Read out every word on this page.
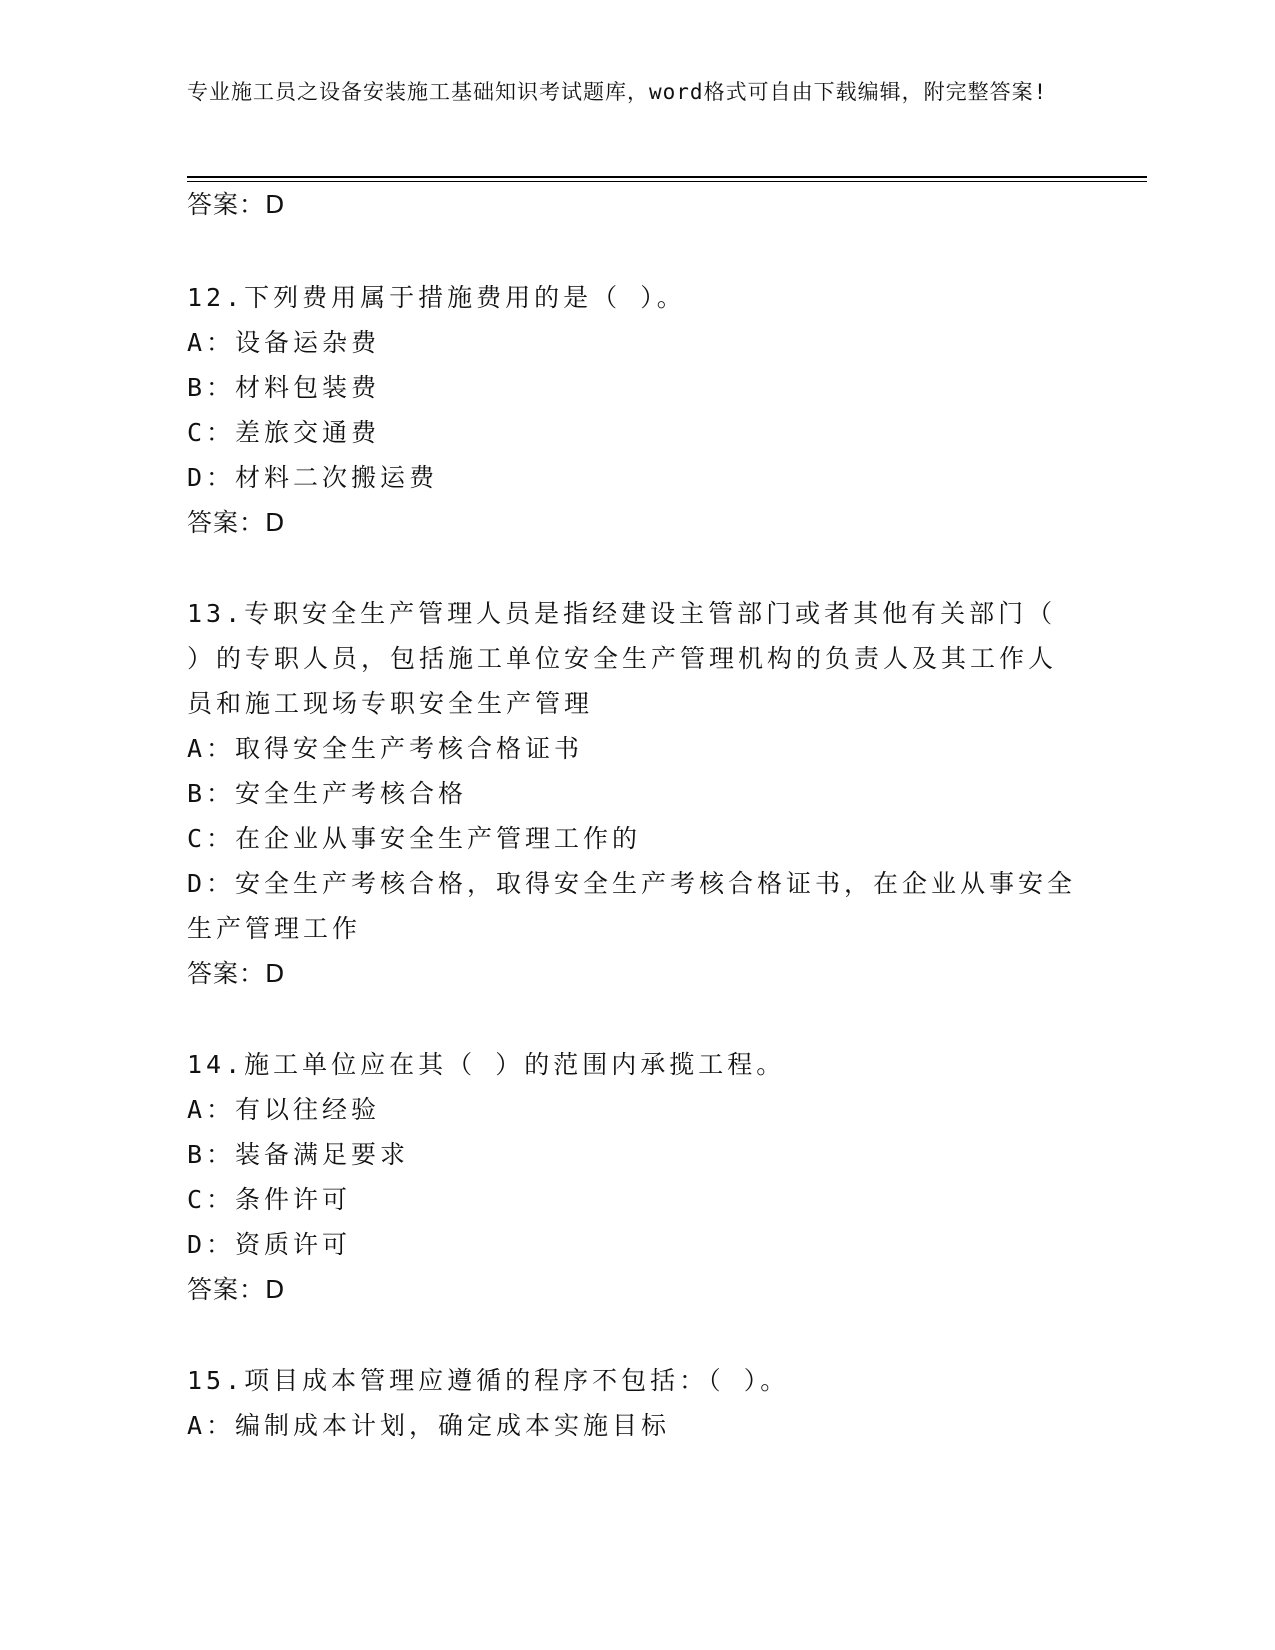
专业施工员之设备安装施工基础知识考试题库，word格式可自由下载编辑，附完整答案!
答案：D
12.下列费用属于措施费用的是（ ）。
A：设备运杂费
B：材料包装费
C：差旅交通费
D：材料二次搬运费
答案：D
13.专职安全生产管理人员是指经建设主管部门或者其他有关部门（
）的专职人员，包括施工单位安全生产管理机构的负责人及其工作人
员和施工现场专职安全生产管理
A：取得安全生产考核合格证书
B：安全生产考核合格
C：在企业从事安全生产管理工作的
D：安全生产考核合格，取得安全生产考核合格证书，在企业从事安全
生产管理工作
答案：D
14.施工单位应在其（ ）的范围内承揽工程。
A：有以往经验
B：装备满足要求
C：条件许可
D：资质许可
答案：D
15.项目成本管理应遵循的程序不包括：（ ）。
A：编制成本计划，确定成本实施目标
